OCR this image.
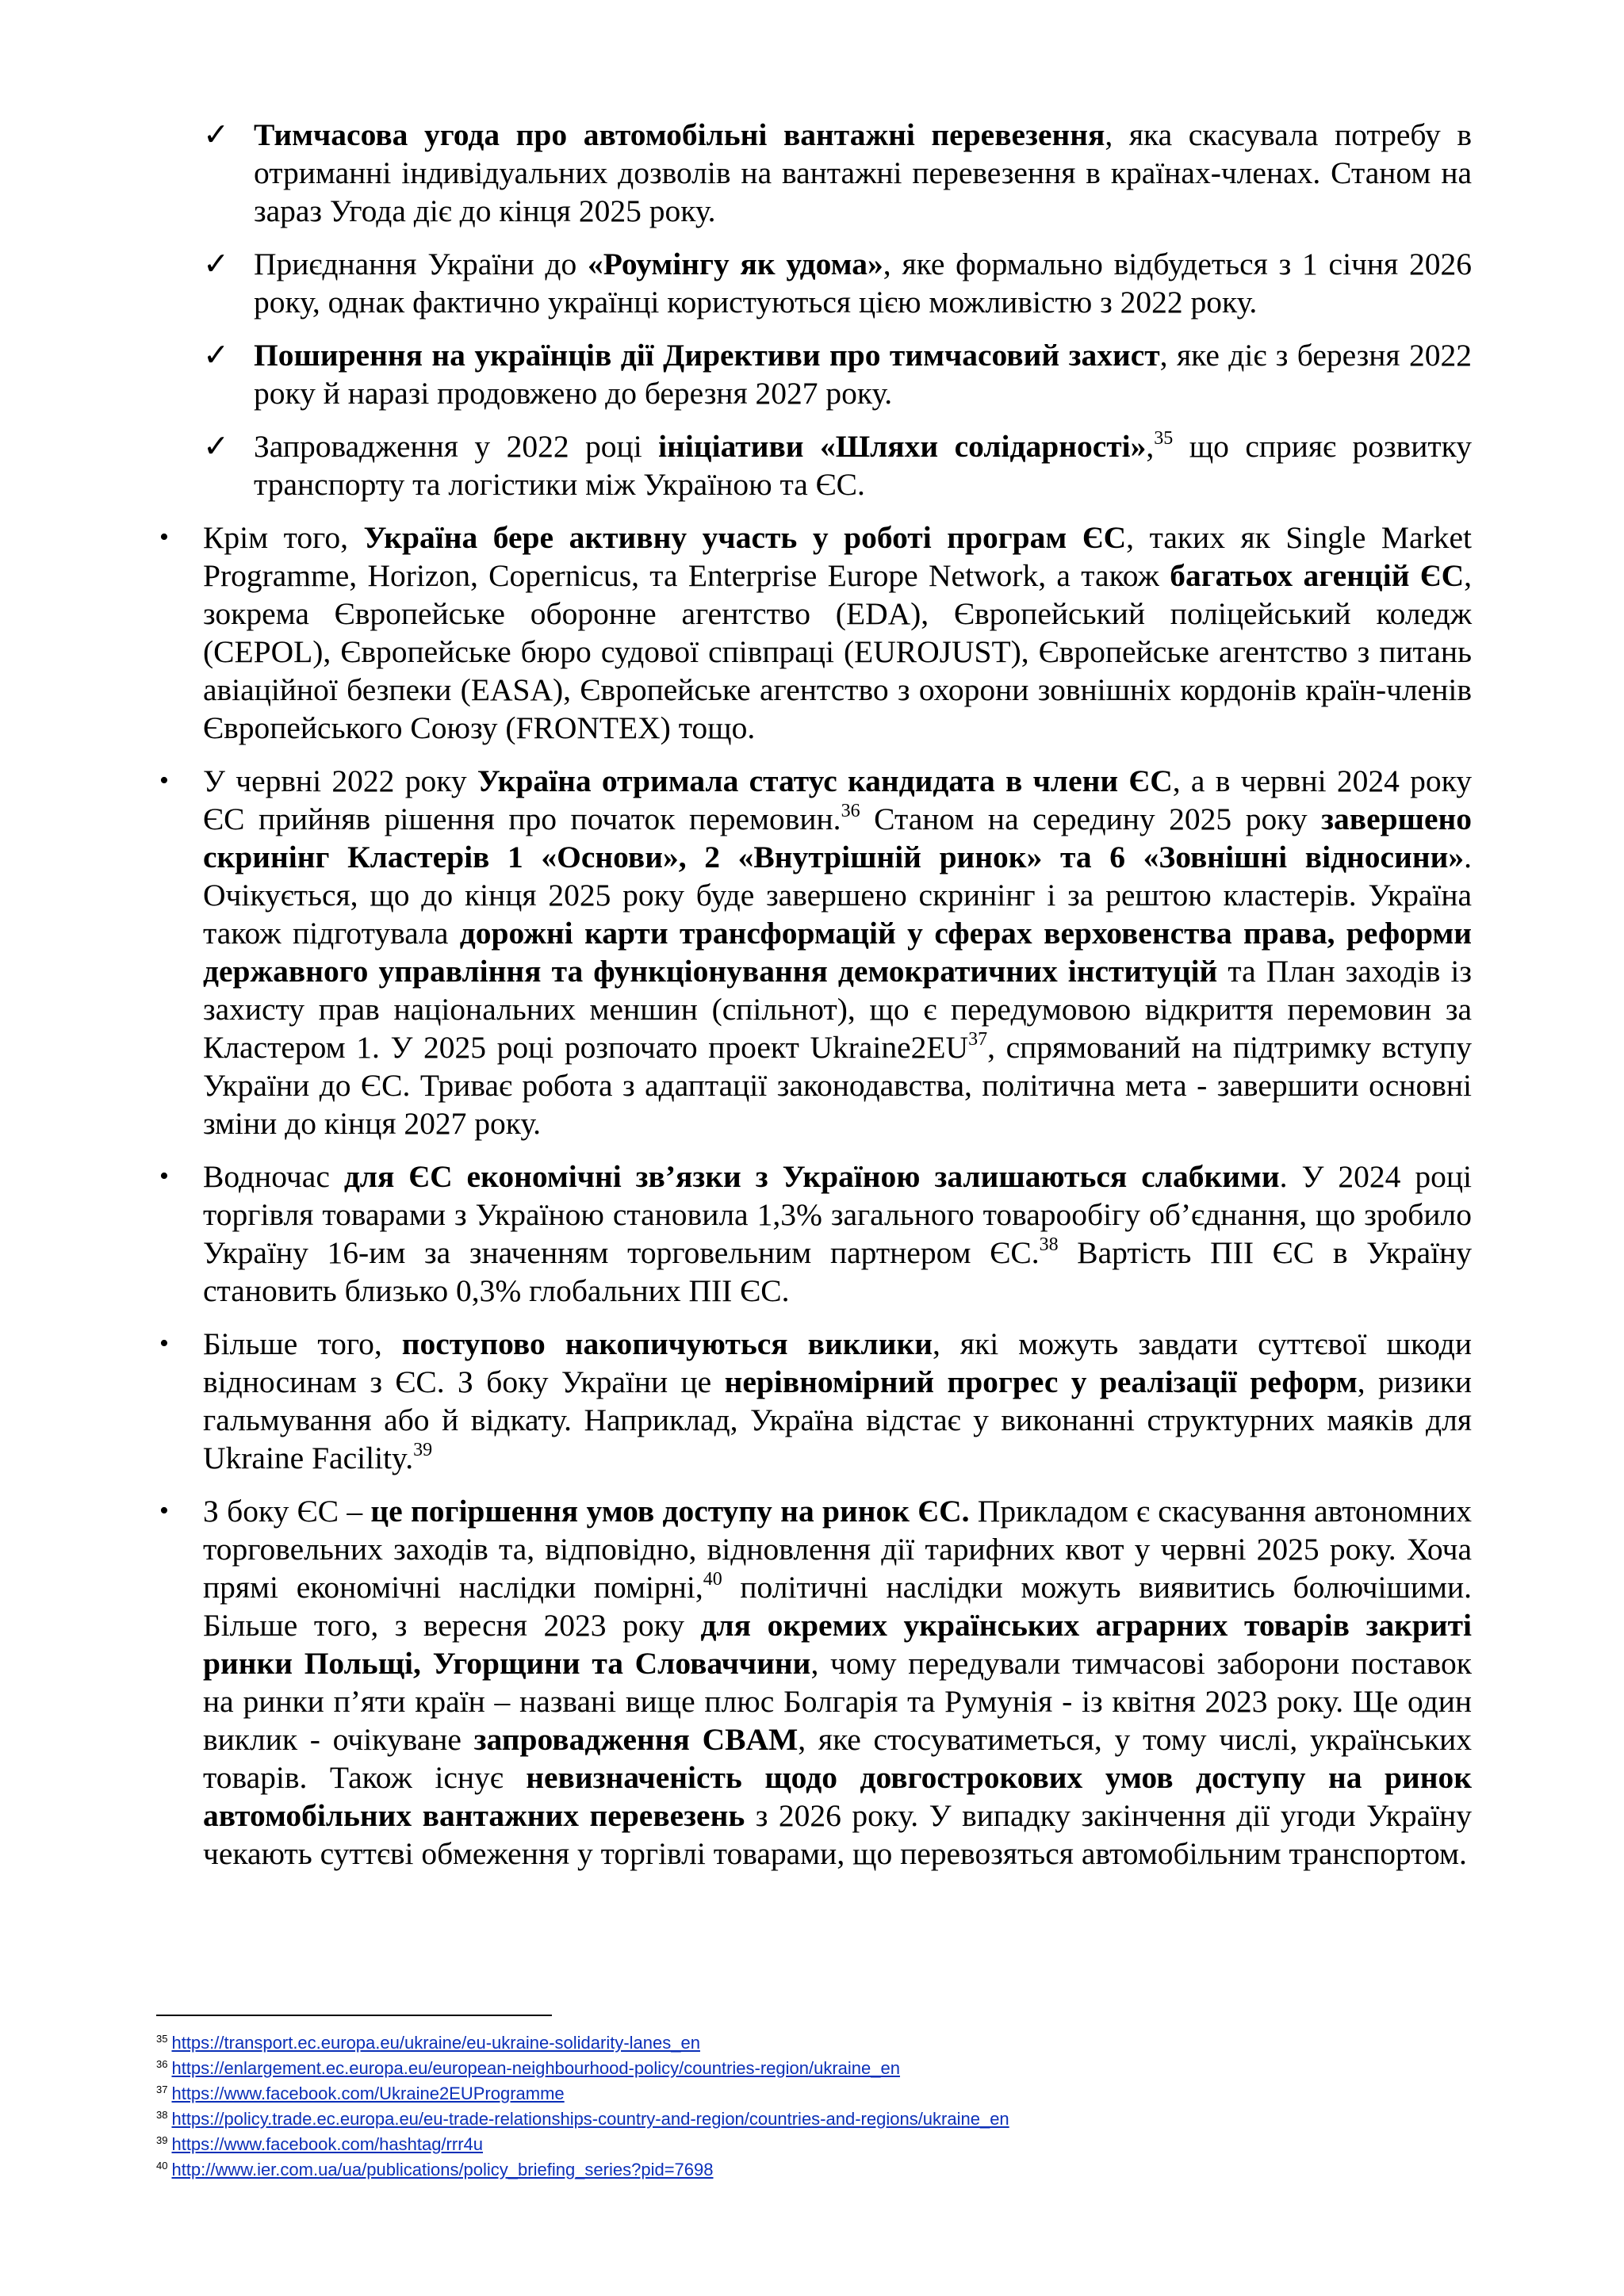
✓ Тимчасова угода про автомобільні вантажні перевезення, яка скасувала потребу в отриманні індивідуальних дозволів на вантажні перевезення в країнах-членах. Станом на зараз Угода діє до кінця 2025 року.

✓ Приєднання України до «Роумінгу як удома», яке формально відбудеться з 1 січня 2026 року, однак фактично українці користуються цією можливістю з 2022 року.

✓ Поширення на українців дії Директиви про тимчасовий захист, яке діє з березня 2022 року й наразі продовжено до березня 2027 року.

✓ Запровадження у 2022 році ініціативи «Шляхи солідарності»,$^{35}$ що сприяє розвитку транспорту та логістики між Україною та ЄС.

• Крім того, Україна бере активну участь у роботі програм ЄС, таких як Single Market Programme, Horizon, Copernicus, та Enterprise Europe Network, а також багатьох агенцій ЄС, зокрема Європейське оборонне агентство (EDA), Європейський поліцейський коледж (CEPOL), Європейське бюро судової співпраці (EUROJUST), Європейське агентство з питань авіаційної безпеки (EASA), Європейське агентство з охорони зовнішніх кордонів країн-членів Європейського Союзу (FRONTEX) тощо.

• У червні 2022 року Україна отримала статус кандидата в члени ЄС, а в червні 2024 року ЄС прийняв рішення про початок перемовин.$^{36}$ Станом на середину 2025 року завершено скринінг Кластерів 1 «Основи», 2 «Внутрішній ринок» та 6 «Зовнішні відносини». Очікується, що до кінця 2025 року буде завершено скринінг і за рештою кластерів. Україна також підготувала дорожні карти трансформацій у сферах верховенства права, реформи державного управління та функціонування демократичних інституцій та План заходів із захисту прав національних меншин (спільнот), що є передумовою відкриття перемовин за Кластером 1. У 2025 році розпочато проект Ukraine2EU$^{37}$, спрямований на підтримку вступу України до ЄС. Триває робота з адаптації законодавства, політична мета - завершити основні зміни до кінця 2027 року.

• Водночас для ЄС економічні зв’язки з Україною залишаються слабкими. У 2024 році торгівля товарами з Україною становила 1,3% загального товарообігу об’єднання, що зробило Україну 16-им за значенням торговельним партнером ЄС.$^{38}$ Вартість ПІІ ЄС в Україну становить близько 0,3% глобальних ПІІ ЄС.

• Більше того, поступово накопичуються виклики, які можуть завдати суттєвої шкоди відносинам з ЄС. З боку України це нерівномірний прогрес у реалізації реформ, ризики гальмування або й відкату. Наприклад, Україна відстає у виконанні структурних маяків для Ukraine Facility.$^{39}$

• З боку ЄС – це погіршення умов доступу на ринок ЄС. Прикладом є скасування автономних торговельних заходів та, відповідно, відновлення дії тарифних квот у червні 2025 року. Хоча прямі економічні наслідки помірні,$^{40}$ політичні наслідки можуть виявитись болючішими. Більше того, з вересня 2023 року для окремих українських аграрних товарів закриті ринки Польщі, Угорщини та Словаччини, чому передували тимчасові заборони поставок на ринки п’яти країн – названі вище плюс Болгарія та Румунія - із квітня 2023 року. Ще один виклик - очікуване запровадження CBAM, яке стосуватиметься, у тому числі, українських товарів. Також існує невизначеність щодо довгострокових умов доступу на ринок автомобільних вантажних перевезень з 2026 року. У випадку закінчення дії угоди Україну чекають суттєві обмеження у торгівлі товарами, що перевозяться автомобільним транспортом.

$^{35}$ https://transport.ec.europa.eu/ukraine/eu-ukraine-solidarity-lanes_en
$^{36}$ https://enlargement.ec.europa.eu/european-neighbourhood-policy/countries-region/ukraine_en
$^{37}$ https://www.facebook.com/Ukraine2EUProgramme
$^{38}$ https://policy.trade.ec.europa.eu/eu-trade-relationships-country-and-region/countries-and-regions/ukraine_en
$^{39}$ https://www.facebook.com/hashtag/rrr4u
$^{40}$ http://www.ier.com.ua/ua/publications/policy_briefing_series?pid=7698
